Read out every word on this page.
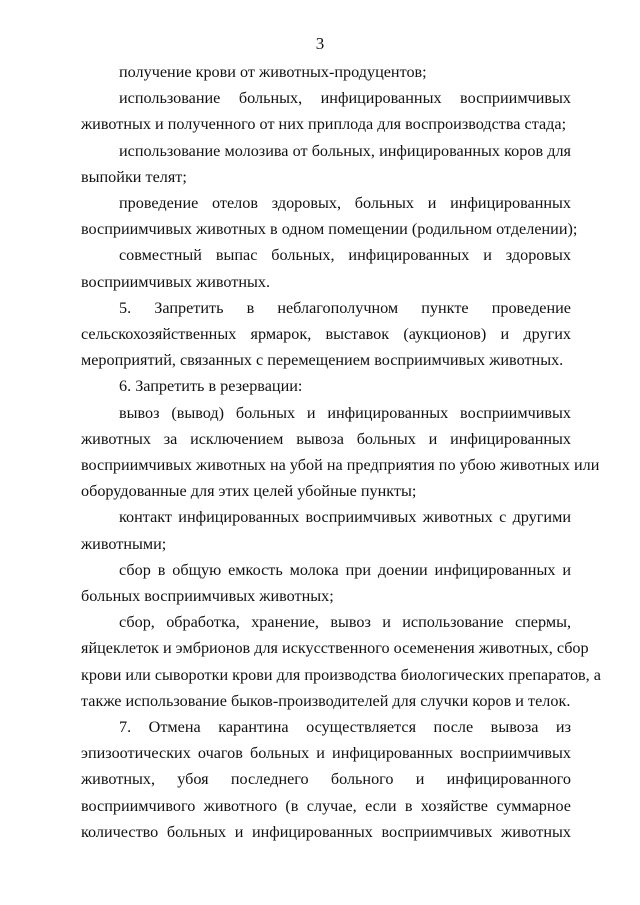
3
получение крови от животных-продуцентов;
использование больных, инфицированных восприимчивых
животных и полученного от них приплода для воспроизводства стада;
использование молозива от больных, инфицированных коров для
выпойки телят;
проведение отелов здоровых, больных и инфицированных
восприимчивых животных в одном помещении (родильном отделении);
совместный выпас больных, инфицированных и здоровых
восприимчивых животных.
5. Запретить в неблагополучном пункте проведение
сельскохозяйственных ярмарок, выставок (аукционов) и других
мероприятий, связанных с перемещением восприимчивых животных.
6. Запретить в резервации:
вывоз (вывод) больных и инфицированных восприимчивых
животных за исключением вывоза больных и инфицированных
восприимчивых животных на убой на предприятия по убою животных или
оборудованные для этих целей убойные пункты;
контакт инфицированных восприимчивых животных с другими
животными;
сбор в общую емкость молока при доении инфицированных и
больных восприимчивых животных;
сбор, обработка, хранение, вывоз и использование спермы,
яйцеклеток и эмбрионов для искусственного осеменения животных, сбор
крови или сыворотки крови для производства биологических препаратов, а
также использование быков-производителей для случки коров и телок.
7. Отмена карантина осуществляется после вывоза из
эпизоотических очагов больных и инфицированных восприимчивых
животных, убоя последнего больного и инфицированного
восприимчивого животного (в случае, если в хозяйстве суммарное
количество больных и инфицированных восприимчивых животных
